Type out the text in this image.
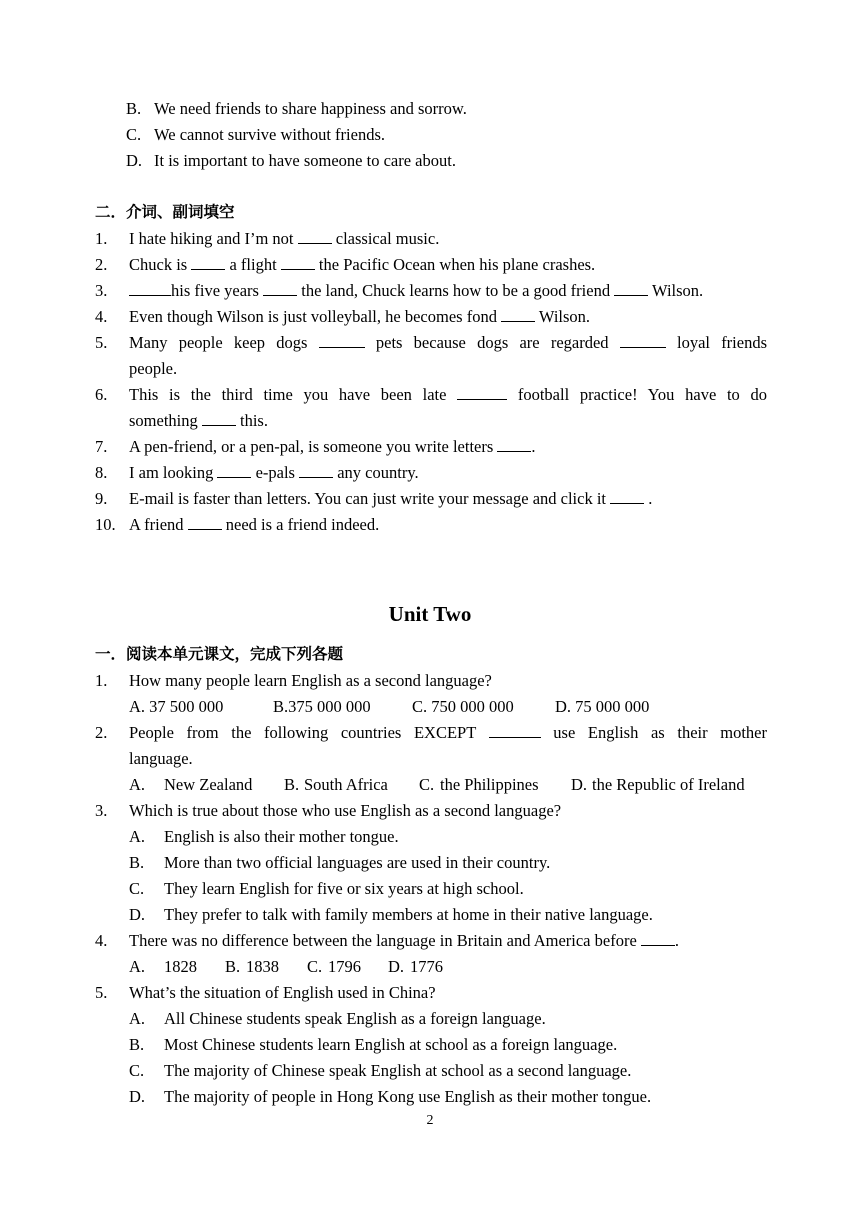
B. We need friends to share happiness and sorrow.
C. We cannot survive without friends.
D. It is important to have someone to care about.
二．介词、副词填空
1. I hate hiking and I’m not	classical music.
2. Chuck is	a flight	the Pacific Ocean when his plane crashes.
3.	his five years	the land, Chuck learns how to be a good friend	Wilson.
4. Even though Wilson is just volleyball, he becomes fond	Wilson.
5. Many people keep dogs	pets because dogs are regarded	loyal friends
people.
6. This is the third time you have been late	football practice! You have to do
something	this.
7. A pen-friend, or a pen-pal, is someone you write letters .
8. I am looking	e-pals	any country.
9. E-mail is faster than letters. You can just write your message and click it	.
10. A friend	need is a friend indeed.
Unit Two
一．阅读本单元课文，完成下列各题
1. How many people learn English as a second language?
A. 37 500 000	B.375 000 000	C. 750 000 000 D. 75 000 000
2. People from the following countries EXCEPT	use English as their mother
language.
A. New Zealand B. South Africa C. the Philippines D. the Republic of Ireland
3. Which is true about those who use English as a second language?
A. English is also their mother tongue.
B. More than two official languages are used in their country.
C. They learn English for five or six years at high school.
D. They prefer to talk with family members at home in their native language.
4. There was no difference between the language in Britain and America before .
A. 1828 B. 1838 C. 1796 D. 1776
5. What’s the situation of English used in China?
A. All Chinese students speak English as a foreign language.
B. Most Chinese students learn English at school as a foreign language.
C. The majority of Chinese speak English at school as a second language.
D. The majority of people in Hong Kong use English as their mother tongue.
2
